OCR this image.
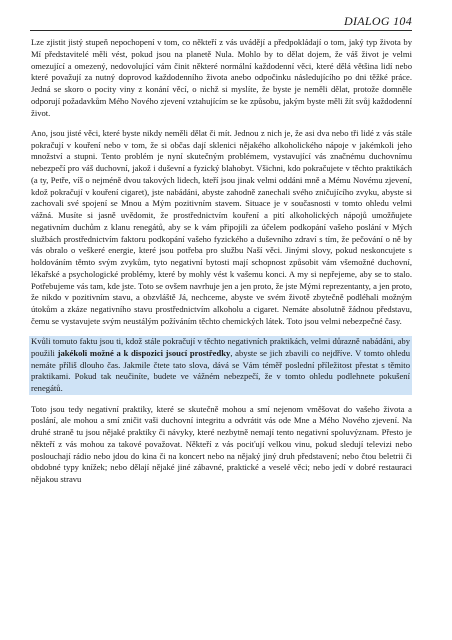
DIALOG 104

Lze zjistit jistý stupeň nepochopení v tom, co někteří z vás uvádějí a předpokládají o tom, jaký typ života by Mí představitelé měli vést, pokud jsou na planetě Nula. Mohlo by to dělat dojem, že váš život je velmi omezující a omezený, nedovolující vám činit některé normální každodenní věci, které dělá většina lidí nebo které považují za nutný doprovod každodenního života anebo odpočinku následujícího po dni těžké práce. Jedná se skoro o pocity viny z konání věcí, o nichž si myslíte, že byste je neměli dělat, protože domněle odporují požadavkům Mého Nového zjevení vztahujícím se ke způsobu, jakým byste měli žít svůj každodenní život.

Ano, jsou jisté věci, které byste nikdy neměli dělat či mít. Jednou z nich je, že asi dva nebo tři lidé z vás stále pokračují v kouření nebo v tom, že si občas dají sklenici nějakého alkoholického nápoje v jakémkoli jeho množství a stupni. Tento problém je nyní skutečným problémem, vystavující vás značnému duchovnímu nebezpečí pro váš duchovní, jakož i duševní a fyzický blahobyt. Všichni, kdo pokračujete v těchto praktikách (a ty, Petře, víš o nejméně dvou takových lidech, kteří jsou jinak velmi oddáni mně a Mému Novému zjevení, kdož pokračují v kouření cigaret), jste nabádáni, abyste zahodně zanechali svého zničujícího zvyku, abyste si zachovali své spojení se Mnou a Mým pozitivním stavem. Situace je v současnosti v tomto ohledu velmi vážná. Musíte si jasně uvědomit, že prostřednictvím kouření a pití alkoholických nápojů umožňujete negativním duchům z klanu renegátů, aby se k vám připojili za účelem podkopání vašeho poslání v Mých službách prostřednictvím faktoru podkopání vašeho fyzického a duševního zdraví s tím, že pečování o ně by vás obralo o veškeré energie, které jsou potřeba pro službu Naší věci. Jinými slovy, pokud neskoncujete s holdováním těmto svým zvykům, tyto negativní bytosti mají schopnost způsobit vám všemožné duchovní, lékařské a psychologické problémy, které by mohly vést k vašemu konci. A my si nepřejeme, aby se to stalo. Potřebujeme vás tam, kde jste. Toto se ovšem navrhuje jen a jen proto, že jste Mými reprezentanty, a jen proto, že nikdo v pozitivním stavu, a obzvláště Já, nechceme, abyste ve svém životě zbytečně podléhali možným útokům a zkáze negativního stavu prostřednictvím alkoholu a cigaret. Nemáte absolutně žádnou představu, čemu se vystavujete svým neustálým požíváním těchto chemických látek. Toto jsou velmi nebezpečné časy.

Kvůli tomuto faktu jsou ti, kdož stále pokračují v těchto negativních praktikách, velmi důrazně nabádáni, aby použili jakékoli možné a k dispozici jsoucí prostředky, abyste se jich zbavili co nejdříve. V tomto ohledu nemáte příliš dlouho čas. Jakmile čtete tato slova, dává se Vám téměř poslední příležitost přestat s těmito praktikami. Pokud tak neučiníte, budete ve vážném nebezpečí, že v tomto ohledu podlehnete pokušení renegátů.

Toto jsou tedy negativní praktiky, které se skutečně mohou a smí nejenom vměšovat do vašeho života a poslání, ale mohou a smí zničit vaši duchovní integritu a odvrátit vás ode Mne a Mého Nového zjevení. Na druhé straně tu jsou nějaké praktiky či návyky, které nezbytně nemají tento negativní spoluvýznam. Přesto je někteří z vás mohou za takové považovat. Někteří z vás pociťují velkou vinu, pokud sledují televizi nebo poslouchají rádio nebo jdou do kina či na koncert nebo na nějaký jiný druh představení; nebo čtou beletrii či obdobné typy knížek; nebo dělají nějaké jiné zábavné, praktické a veselé věci; nebo jedí v dobré restauraci nějakou stravu
